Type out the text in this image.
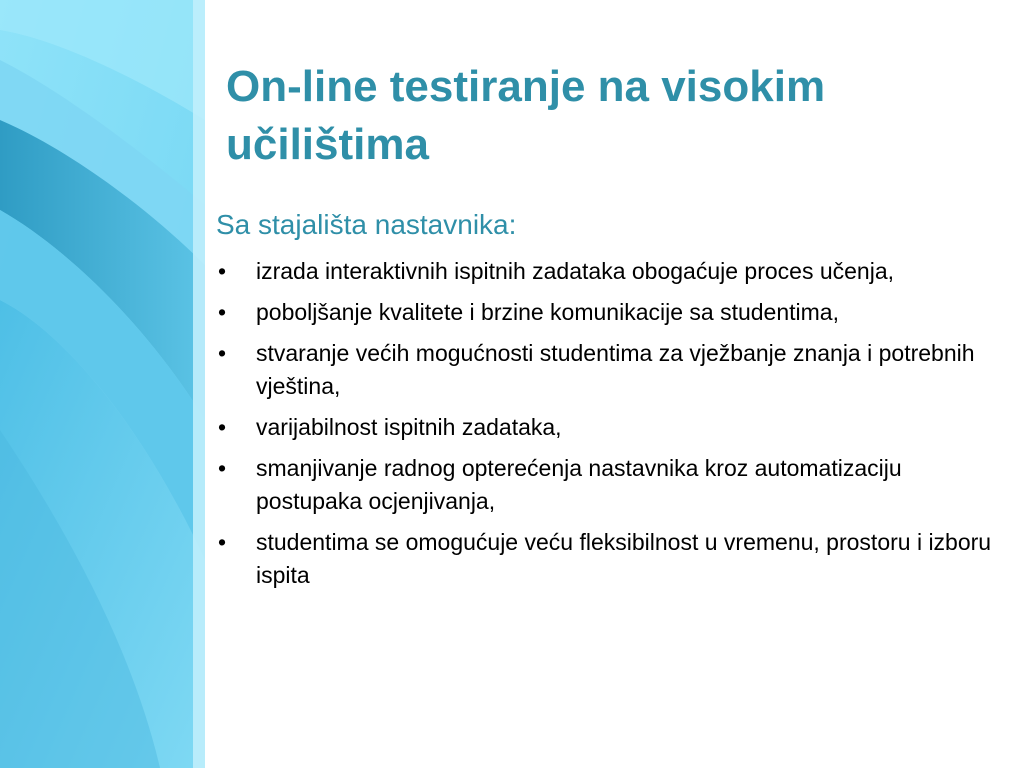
On-line testiranje na visokim učilištima
Sa stajališta nastavnika:
• izrada interaktivnih ispitnih zadataka obogaćuje proces učenja,
• poboljšanje kvalitete i brzine komunikacije sa studentima,
• stvaranje većih mogućnosti studentima za vježbanje znanja i potrebnih vještina,
• varijabilnost ispitnih zadataka,
• smanjivanje radnog opterećenja nastavnika kroz automatizaciju postupaka ocjenjivanja,
• studentima se omogućuje veću fleksibilnost u vremenu, prostoru i izboru ispita
